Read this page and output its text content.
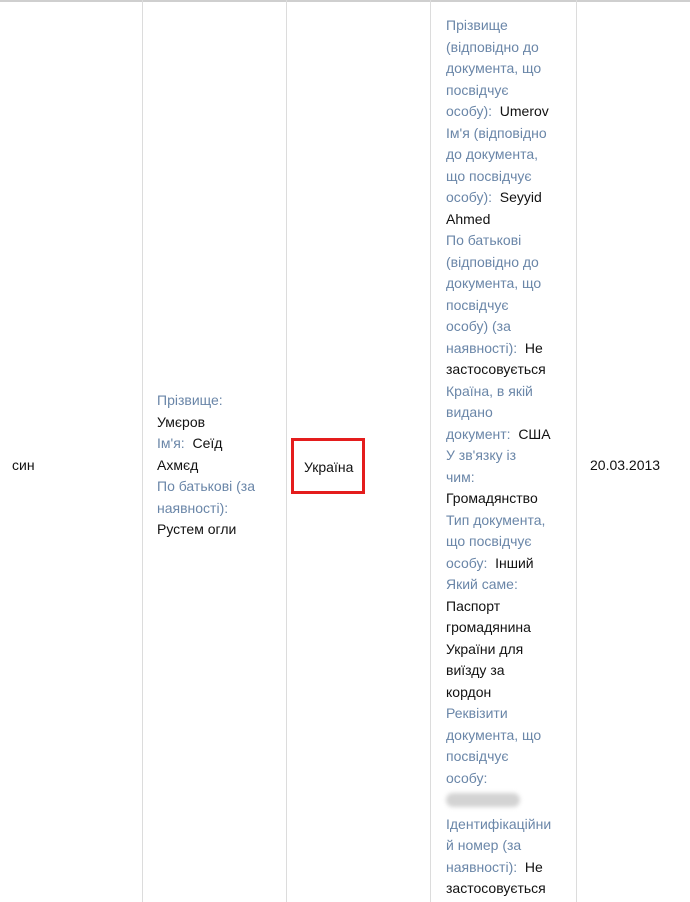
син
Прізвище:
Умєров
Ім'я: Сеїд
Ахмєд
По батькові (за
наявності):
Рустем огли
Україна
Прізвище
(відповідно до
документа, що
посвідчує
особу): Umerov
Ім'я (відповідно
до документа,
що посвідчує
особу): Seyyid
Ahmed
По батькові
(відповідно до
документа, що
посвідчує
особу) (за
наявності): Не
застосовується
Країна, в якій
видано
документ: США
У зв'язку із
чим:
Громадянство
Тип документа,
що посвідчує
особу: Інший
Який саме:
Паспорт
громадянина
України для
виїзду за
кордон
Реквізити
документа, що
посвідчує
особу:
Ідентифікаційни
й номер (за
наявності): Не
застосовується
20.03.2013
